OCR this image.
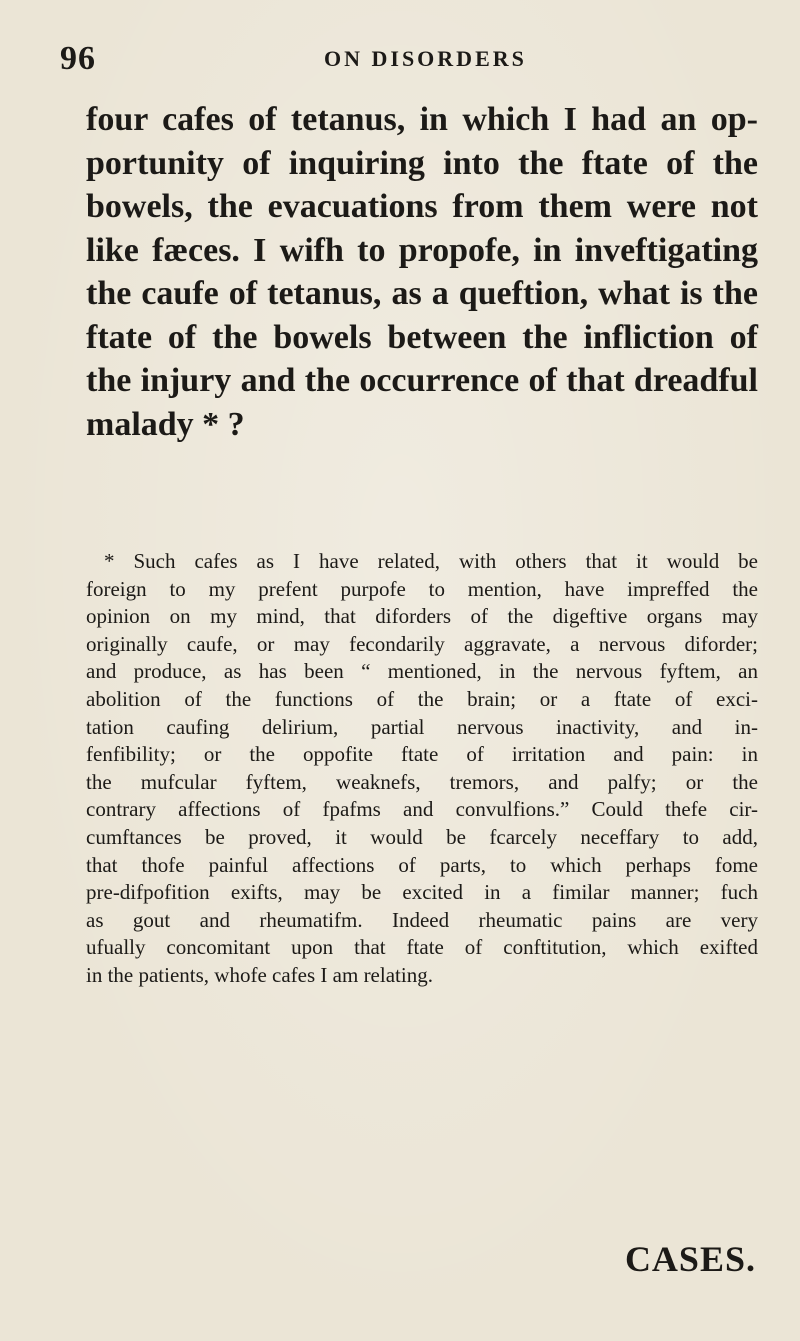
96	ON DISORDERS
four cafes of tetanus, in which I had an op-
portunity of inquiring into the ftate of the
bowels, the evacuations from them were not
like fæces. I wifh to propofe, in inveftigating
the caufe of tetanus, as a queftion, what is the
ftate of the bowels between the infliction of
the injury and the occurrence of that dreadful
malady * ?
* Such cafes as I have related, with others that it would be
foreign to my prefent purpofe to mention, have impreffed the
opinion on my mind, that diforders of the digeftive organs may
originally caufe, or may fecondarily aggravate, a nervous diforder;
and produce, as has been “ mentioned, in the nervous fyftem, an
abolition of the functions of the brain; or a ftate of exci-
tation caufing delirium, partial nervous inactivity, and in-
fenfibility; or the oppofite ftate of irritation and pain: in
the mufcular fyftem, weaknefs, tremors, and palfy; or the
contrary affections of fpafms and convulfions.” Could thefe cir-
cumftances be proved, it would be fcarcely neceffary to add,
that thofe painful affections of parts, to which perhaps fome
pre-difpofition exifts, may be excited in a fimilar manner; fuch
as gout and rheumatifm. Indeed rheumatic pains are very
ufually concomitant upon that ftate of conftitution, which exifted
in the patients, whofe cafes I am relating.
CASES.
